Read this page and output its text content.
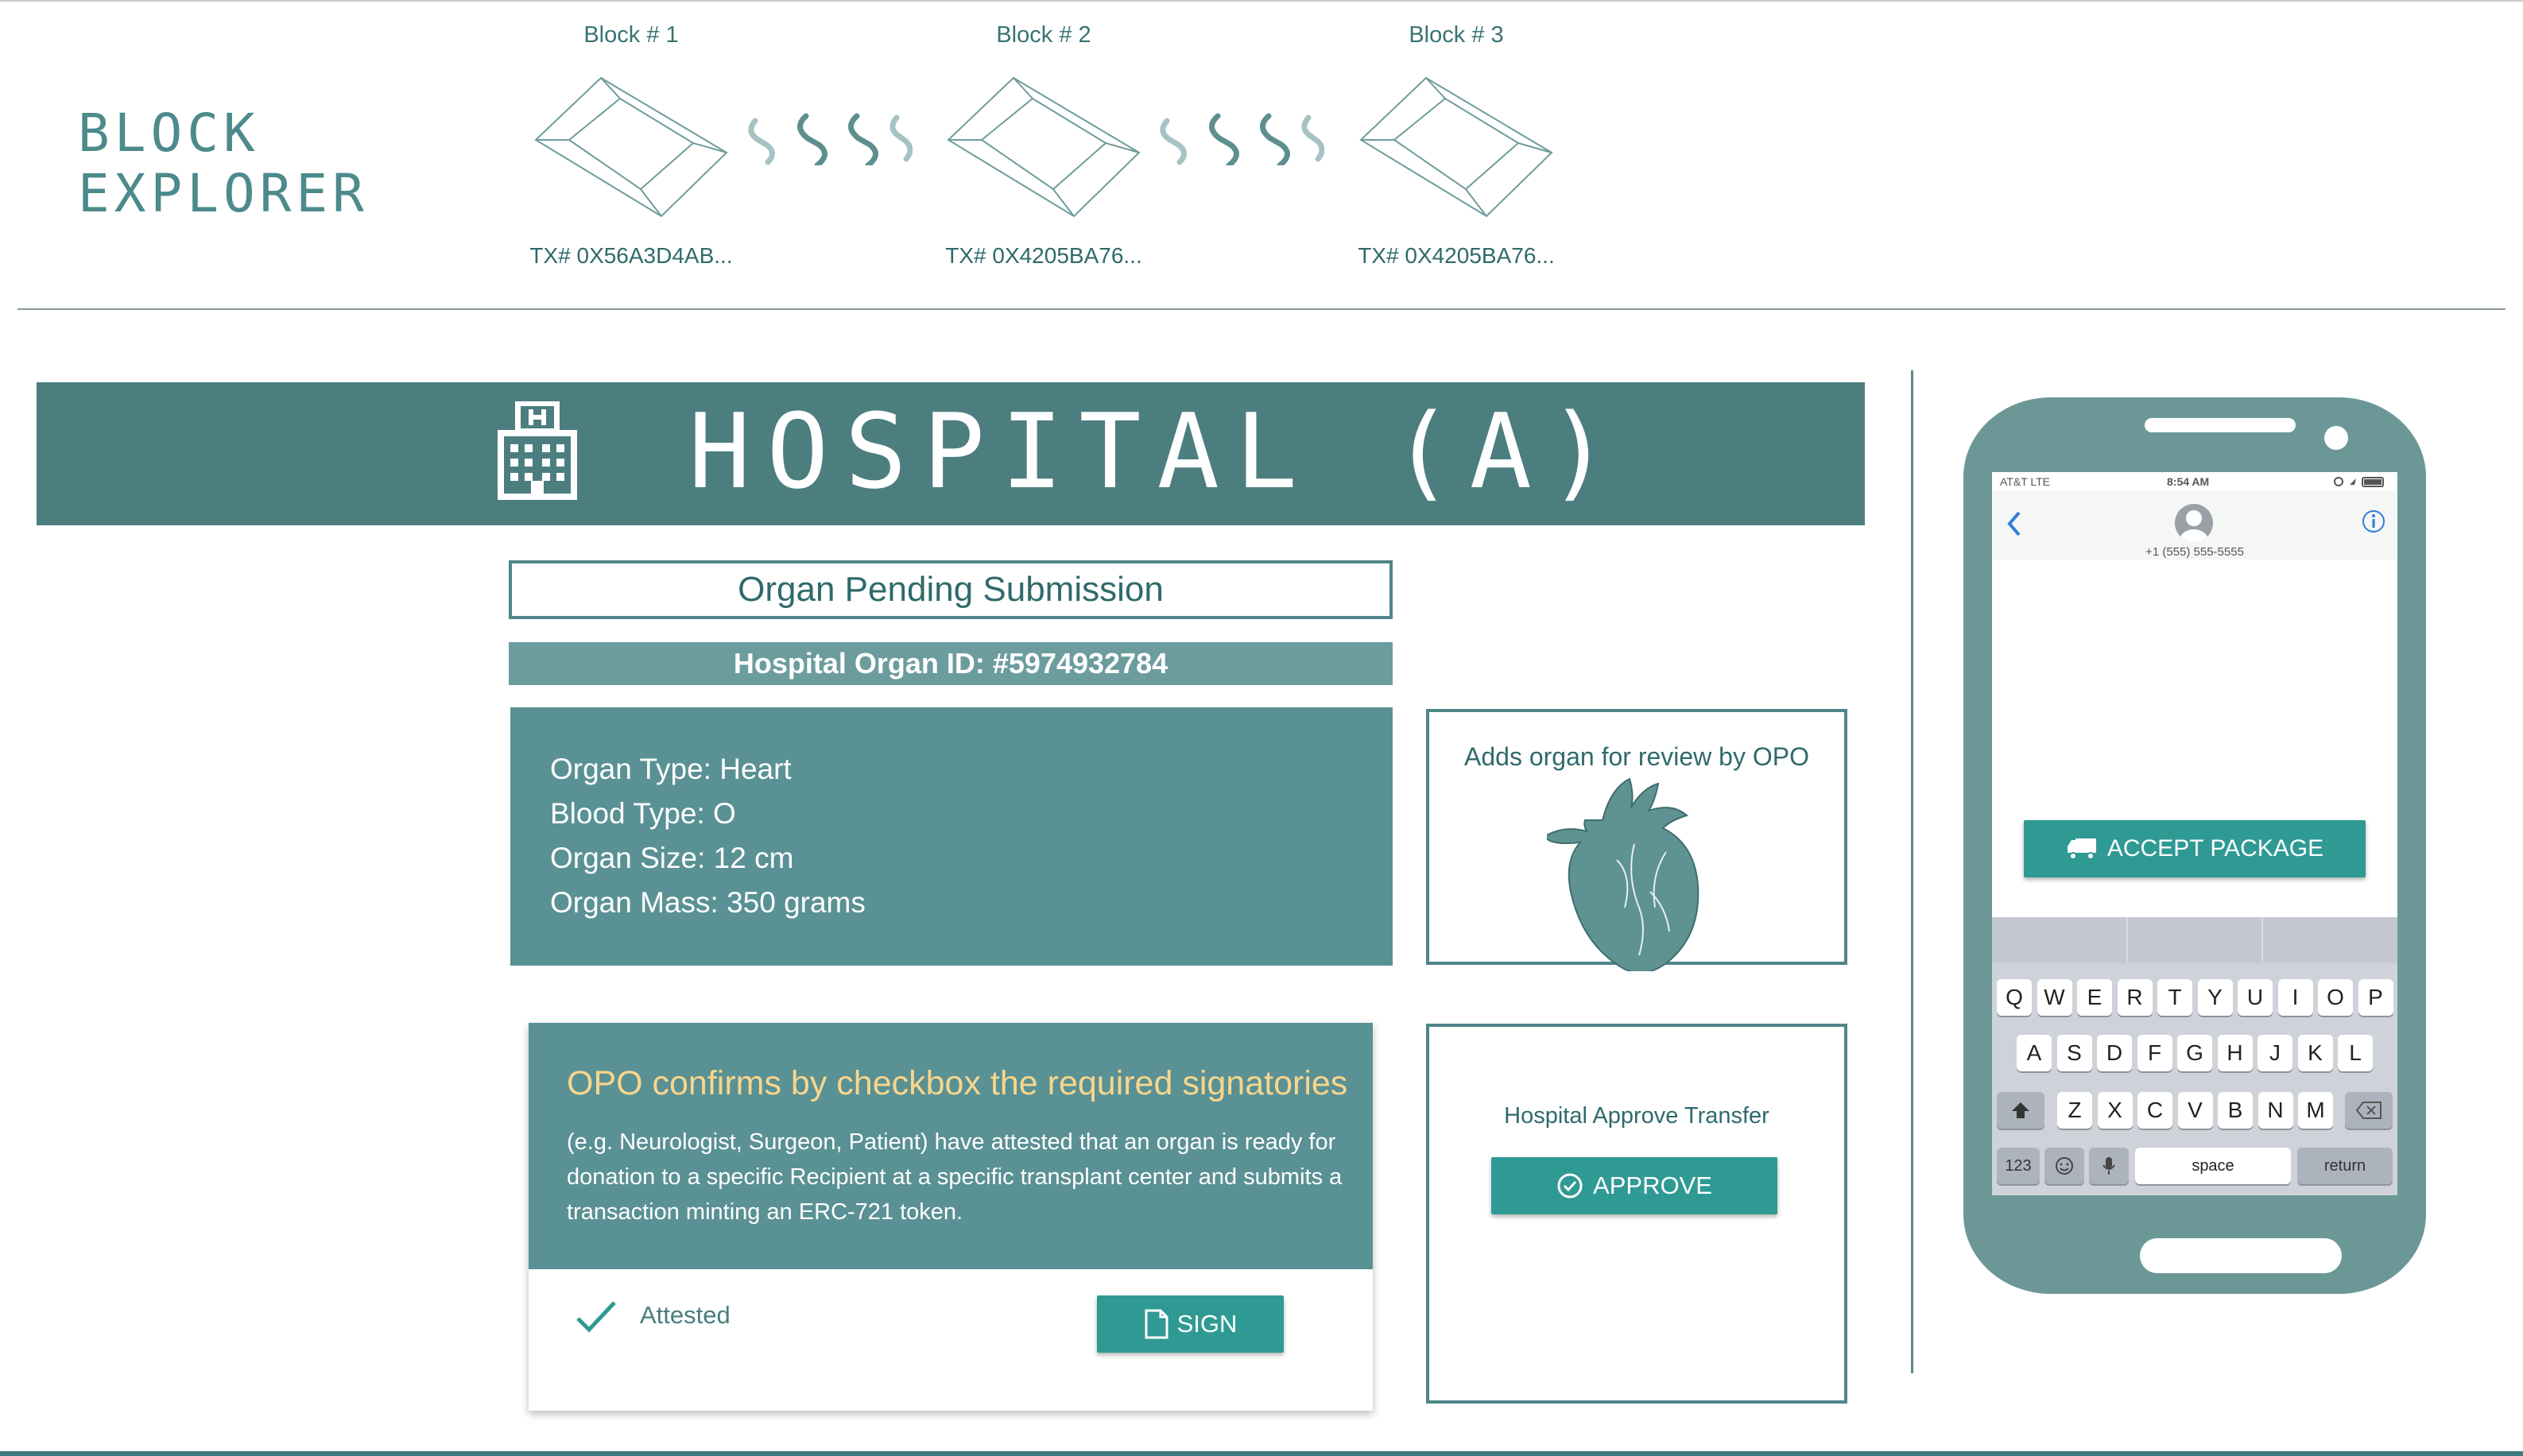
BLOCK
EXPLORER
Block # 1	Block # 2	Block # 3
TX# 0X56A3D4AB...	TX# 0X4205BA76...	TX# 0X4205BA76...
HOSPITAL (A)
Organ Pending Submission
Hospital Organ ID: #5974932784
Organ Type: Heart
Blood Type: O
Organ Size: 12 cm
Organ Mass: 350 grams
Adds organ for review by OPO
OPO confirms by checkbox the required signatories
(e.g. Neurologist, Surgeon, Patient) have attested that an organ is ready for donation to a specific Recipient at a specific transplant center and submits a transaction minting an ERC-721 token.
Attested	SIGN
Hospital Approve Transfer
APPROVE
AT&T LTE	8:54 AM
+1 (555) 555-5555
ACCEPT PACKAGE
Q W E	R	T	Y	U	I	O	P
A	S	D	F	G	H	J	K	L
Z	X	C	V	B	N	M
123	space	return
